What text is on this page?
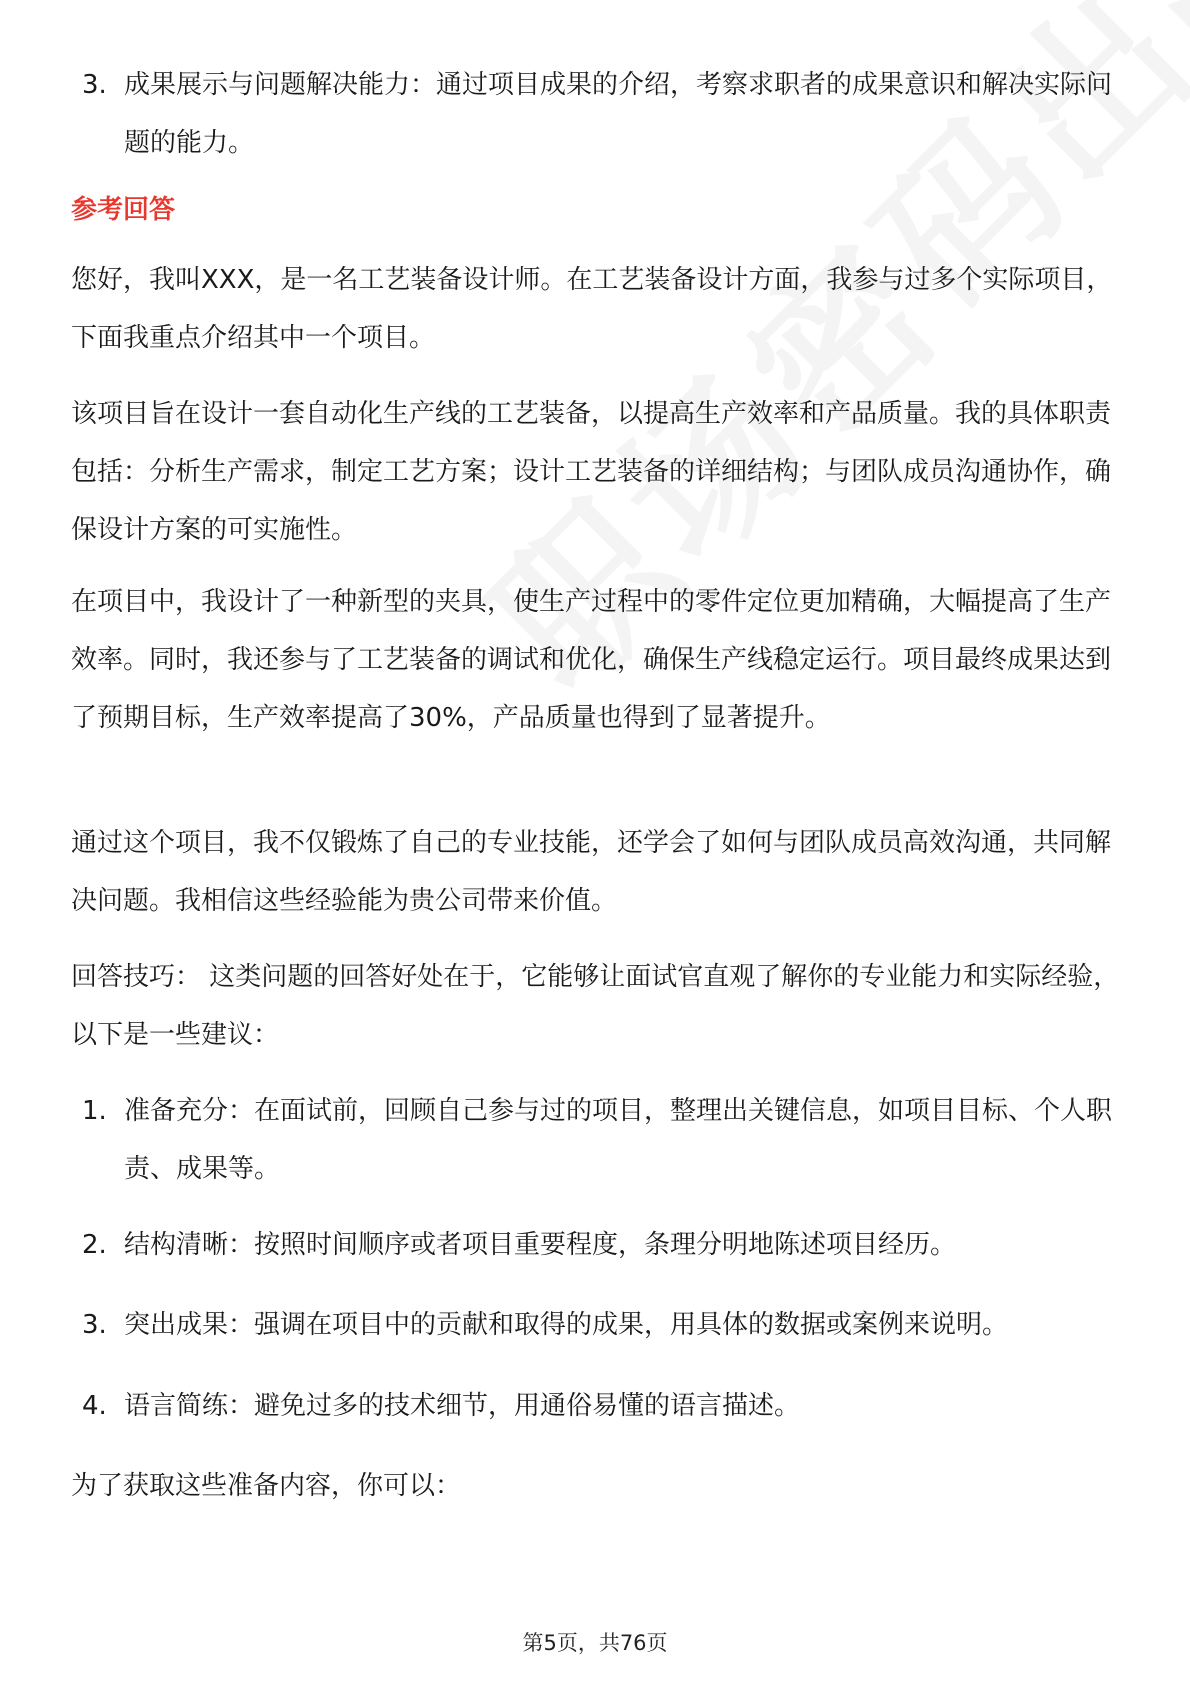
3. 成果展示与问题解决能力：通过项目成果的介绍，考察求职者的成果意识和解决实际问题的能力。
参考回答
您好，我叫XXX，是一名工艺装备设计师。在工艺装备设计方面，我参与过多个实际项目，下面我重点介绍其中一个项目。
该项目旨在设计一套自动化生产线的工艺装备，以提高生产效率和产品质量。我的具体职责包括：分析生产需求，制定工艺方案；设计工艺装备的详细结构；与团队成员沟通协作，确保设计方案的可实施性。
在项目中，我设计了一种新型的夹具，使生产过程中的零件定位更加精确，大幅提高了生产效率。同时，我还参与了工艺装备的调试和优化，确保生产线稳定运行。项目最终成果达到了预期目标，生产效率提高了30%，产品质量也得到了显著提升。
通过这个项目，我不仅锻炼了自己的专业技能，还学会了如何与团队成员高效沟通，共同解决问题。我相信这些经验能为贵公司带来价值。
回答技巧： 这类问题的回答好处在于，它能够让面试官直观了解你的专业能力和实际经验，以下是一些建议：
1. 准备充分：在面试前，回顾自己参与过的项目，整理出关键信息，如项目目标、个人职责、成果等。
2. 结构清晰：按照时间顺序或者项目重要程度，条理分明地陈述项目经历。
3. 突出成果：强调在项目中的贡献和取得的成果，用具体的数据或案例来说明。
4. 语言简练：避免过多的技术细节，用通俗易懂的语言描述。
为了获取这些准备内容，你可以：
第5页，共76页
